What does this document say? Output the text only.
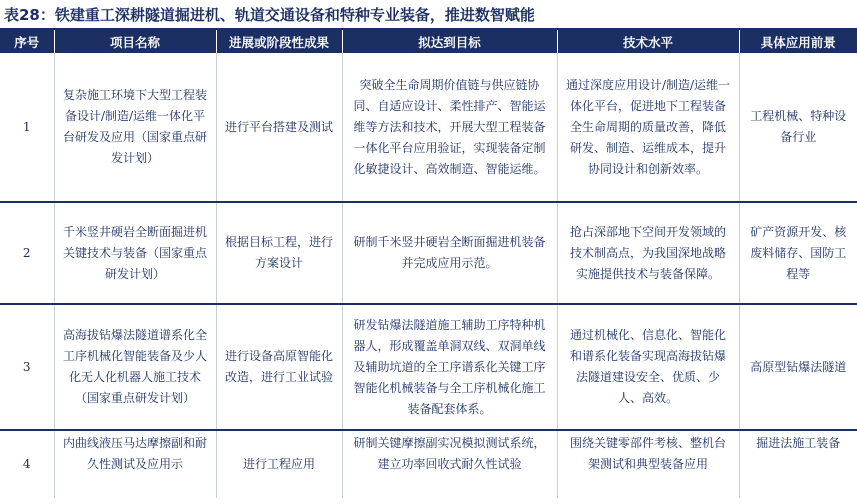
表28：铁建重工深耕隧道掘进机、轨道交通设备和特种专业装备，推进数智赋能
序号	项目名称	进展或阶段性成果	拟达到目标	技术水平	具体应用前景
1	复杂施工环境下大型工程装备设计/制造/运维一体化平台研发及应用（国家重点研发计划）	进行平台搭建及测试	突破全生命周期价值链与供应链协同、自适应设计、柔性排产、智能运维等方法和技术，开展大型工程装备一体化平台应用验证，实现装备定制化敏捷设计、高效制造、智能运维。	通过深度应用设计/制造/运维一体化平台，促进地下工程装备全生命周期的质量改善，降低研发、制造、运维成本，提升协同设计和创新效率。	工程机械、特种设备行业
2	千米竖井硬岩全断面掘进机关键技术与装备（国家重点研发计划）	根据目标工程，进行方案设计	研制千米竖井硬岩全断面掘进机装备并完成应用示范。	抢占深部地下空间开发领域的技术制高点，为我国深地战略实施提供技术与装备保障。	矿产资源开发、核废料储存、国防工程等
3	高海拔钻爆法隧道谱系化全工序机械化智能装备及少人化无人化机器人施工技术（国家重点研发计划）	进行设备高原智能化改造，进行工业试验	研发钻爆法隧道施工辅助工序特种机器人，形成覆盖单洞双线、双洞单线及辅助坑道的全工序谱系化关键工序智能化机械装备与全工序机械化施工装备配套体系。	通过机械化、信息化、智能化和谱系化装备实现高海拔钻爆法隧道建设安全、优质、少人、高效。	高原型钻爆法隧道
4	内曲线液压马达摩擦副和耐久性测试及应用示	进行工程应用	研制关键摩擦副实况模拟测试系统，建立功率回收式耐久性试验	围绕关键零部件考核、整机台架测试和典型装备应用	掘进法施工装备
